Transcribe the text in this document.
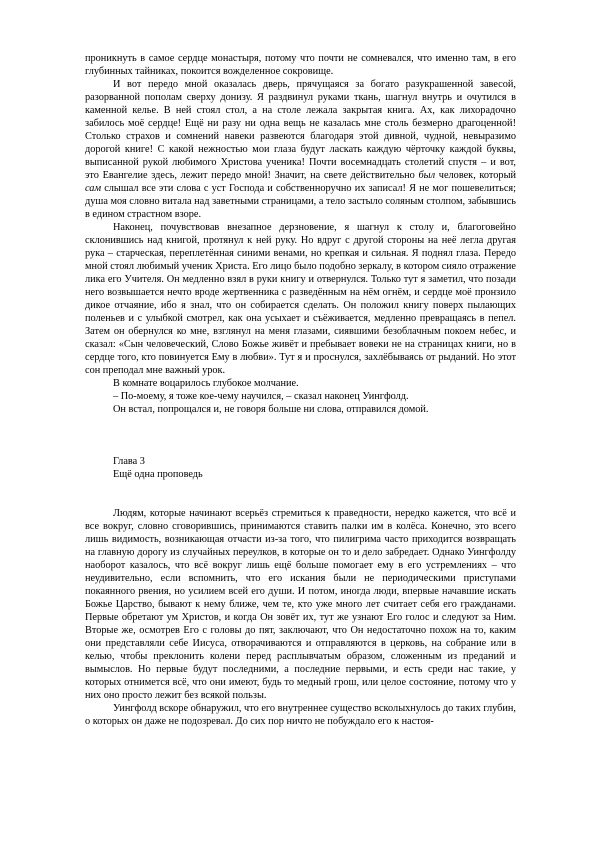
проникнуть в самое сердце монастыря, потому что почти не сомневался, что именно там, в его глубинных тайниках, покоится вожделенное сокровище.

И вот передо мной оказалась дверь, прячущаяся за богато разукрашенной завесой, разорванной пополам сверху донизу. Я раздвинул руками ткань, шагнул внутрь и очутился в каменной келье. В ней стоял стол, а на столе лежала закрытая книга. Ах, как лихорадочно забилось моё сердце! Ещё ни разу ни одна вещь не казалась мне столь безмерно драгоценной! Столько страхов и сомнений навеки развеются благодаря этой дивной, чудной, невыразимо дорогой книге! С какой нежностью мои глаза будут ласкать каждую чёрточку каждой буквы, выписанной рукой любимого Христова ученика! Почти восемнадцать столетий спустя – и вот, это Евангелие здесь, лежит передо мной! Значит, на свете действительно был человек, который сам слышал все эти слова с уст Господа и собственноручно их записал! Я не мог пошевелиться; душа моя словно витала над заветными страницами, а тело застыло соляным столпом, забывшись в едином страстном взоре.

Наконец, почувствовав внезапное дерзновение, я шагнул к столу и, благоговейно склонившись над книгой, протянул к ней руку. Но вдруг с другой стороны на неё легла другая рука – старческая, переплетённая синими венами, но крепкая и сильная. Я поднял глаза. Передо мной стоял любимый ученик Христа. Его лицо было подобно зеркалу, в котором сияло отражение лика его Учителя. Он медленно взял в руки книгу и отвернулся. Только тут я заметил, что позади него возвышается нечто вроде жертвенника с разведённым на нём огнём, и сердце моё пронзило дикое отчаяние, ибо я знал, что он собирается сделать. Он положил книгу поверх пылающих поленьев и с улыбкой смотрел, как она усыхает и съёживается, медленно превращаясь в пепел. Затем он обернулся ко мне, взглянул на меня глазами, сиявшими безоблачным покоем небес, и сказал: «Сын человеческий, Слово Божье живёт и пребывает вовеки не на страницах книги, но в сердце того, кто повинуется Ему в любви». Тут я и проснулся, захлёбываясь от рыданий. Но этот сон преподал мне важный урок.

В комнате воцарилось глубокое молчание.

– По-моему, я тоже кое-чему научился, – сказал наконец Уингфолд.

Он встал, попрощался и, не говоря больше ни слова, отправился домой.

Глава 3
Ещё одна проповедь

Людям, которые начинают всерьёз стремиться к праведности, нередко кажется, что всё и все вокруг, словно сговорившись, принимаются ставить палки им в колёса. Конечно, это всего лишь видимость, возникающая отчасти из-за того, что пилигрима часто приходится возвращать на главную дорогу из случайных переулков, в которые он то и дело забредает. Однако Уингфолду наоборот казалось, что всё вокруг лишь ещё больше помогает ему в его устремлениях – что неудивительно, если вспомнить, что его искания были не периодическими приступами покаянного рвения, но усилием всей его души. И потом, иногда люди, впервые начавшие искать Божье Царство, бывают к нему ближе, чем те, кто уже много лет считает себя его гражданами. Первые обретают ум Христов, и когда Он зовёт их, тут же узнают Его голос и следуют за Ним. Вторые же, осмотрев Его с головы до пят, заключают, что Он недостаточно похож на то, каким они представляли себе Иисуса, отворачиваются и отправляются в церковь, на собрание или в келью, чтобы преклонить колени перед расплывчатым образом, сложенным из преданий и вымыслов. Но первые будут последними, а последние первыми, и есть среди нас такие, у которых отнимется всё, что они имеют, будь то медный грош, или целое состояние, потому что у них оно просто лежит без всякой пользы.

Уингфолд вскоре обнаружил, что его внутреннее существо всколыхнулось до таких глубин, о которых он даже не подозревал. До сих пор ничто не побуждало его к настоя-
